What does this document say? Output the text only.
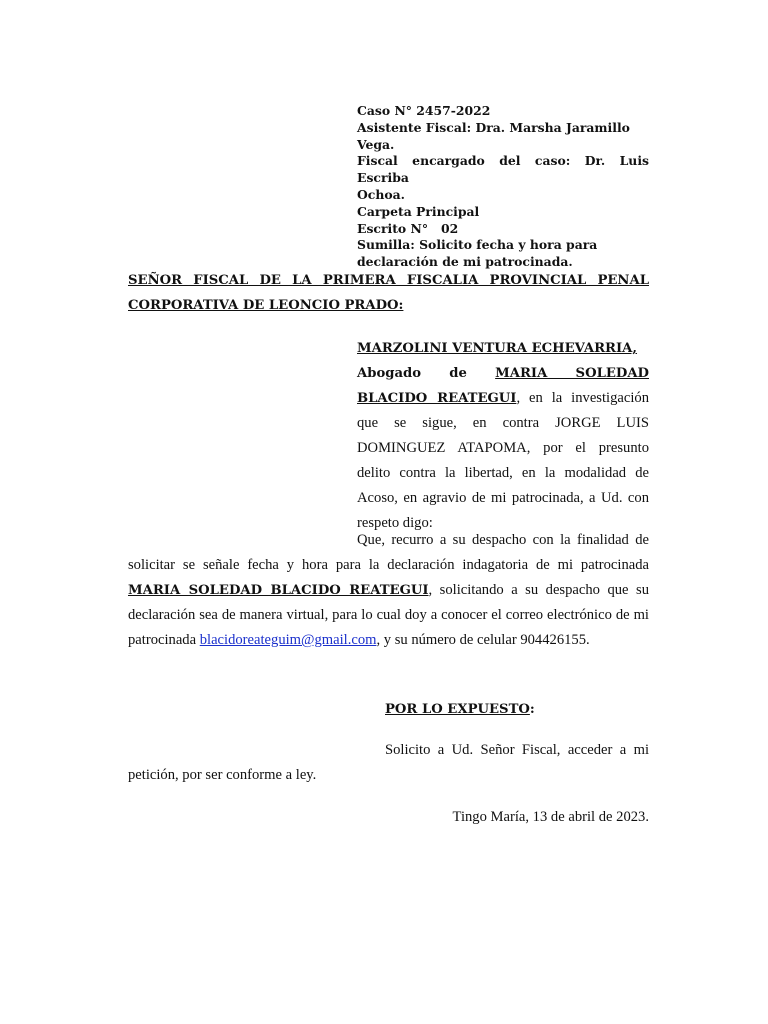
Caso N° 2457-2022
Asistente Fiscal: Dra. Marsha Jaramillo
Vega.
Fiscal encargado del caso: Dr. Luis Escriba
Ochoa.
Carpeta Principal
Escrito N°   02
Sumilla: Solicito fecha y hora para
declaración de mi patrocinada.
SEÑOR FISCAL DE LA PRIMERA FISCALIA PROVINCIAL PENAL CORPORATIVA DE LEONCIO PRADO:
MARZOLINI VENTURA ECHEVARRIA,
Abogado de MARIA SOLEDAD BLACIDO REATEGUI, en la investigación que se sigue, en contra JORGE LUIS DOMINGUEZ ATAPOMA, por el presunto delito contra la libertad, en la modalidad de Acoso, en agravio de mi patrocinada, a Ud. con respeto digo:
Que, recurro a su despacho con la finalidad de solicitar se señale fecha y hora para la declaración indagatoria de mi patrocinada MARIA SOLEDAD BLACIDO REATEGUI, solicitando a su despacho que su declaración sea de manera virtual, para lo cual doy a conocer el correo electrónico de mi patrocinada blacidoreateguim@gmail.com, y su número de celular 904426155.
POR LO EXPUESTO:
Solicito a Ud. Señor Fiscal, acceder a mi petición, por ser conforme a ley.
Tingo María, 13 de abril de 2023.
